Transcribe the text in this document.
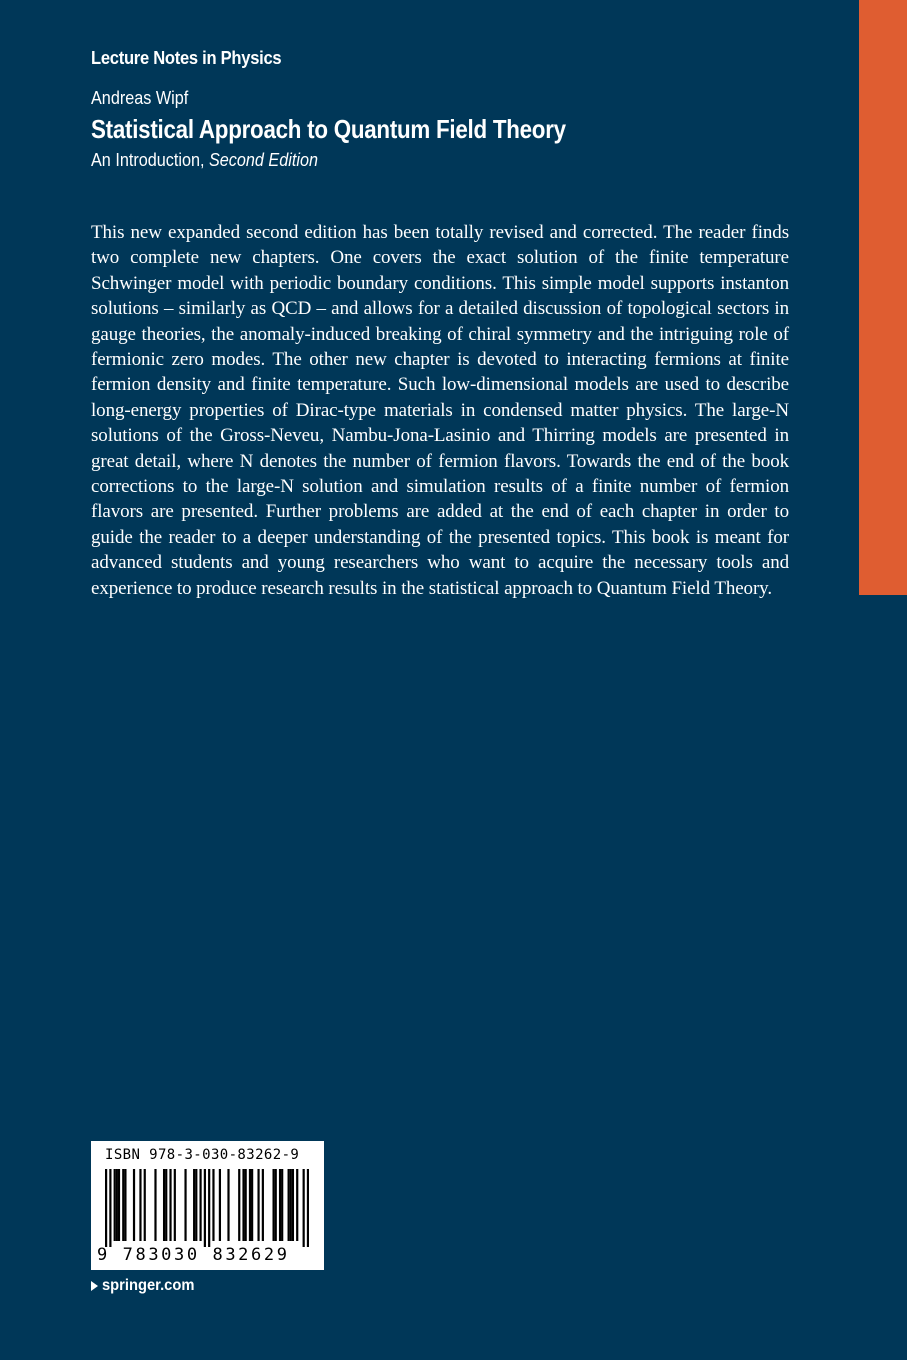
Lecture Notes in Physics
Andreas Wipf
Statistical Approach to Quantum Field Theory
An Introduction, Second Edition

This new expanded second edition has been totally revised and corrected. The reader finds two complete new chapters. One covers the exact solution of the finite temperature Schwinger model with periodic boundary conditions. This simple model supports instanton solutions – similarly as QCD – and allows for a detailed discussion of topological sectors in gauge theories, the anomaly-induced breaking of chiral symmetry and the intriguing role of fermionic zero modes. The other new chapter is devoted to interacting fermions at finite fermion density and finite temperature. Such low-dimensional models are used to describe long-energy properties of Dirac-type materials in condensed matter physics. The large-N solutions of the Gross-Neveu, Nambu-Jona-Lasinio and Thirring models are presented in great detail, where N denotes the number of fermion flavors. Towards the end of the book corrections to the large-N solution and simulation results of a finite number of fermion flavors are presented. Further problems are added at the end of each chapter in order to guide the reader to a deeper understanding of the presented topics. This book is meant for advanced students and young researchers who want to acquire the necessary tools and experience to produce research results in the statistical approach to Quantum Field Theory.

ISBN 978-3-030-83262-9
9 783030 832629
springer.com
